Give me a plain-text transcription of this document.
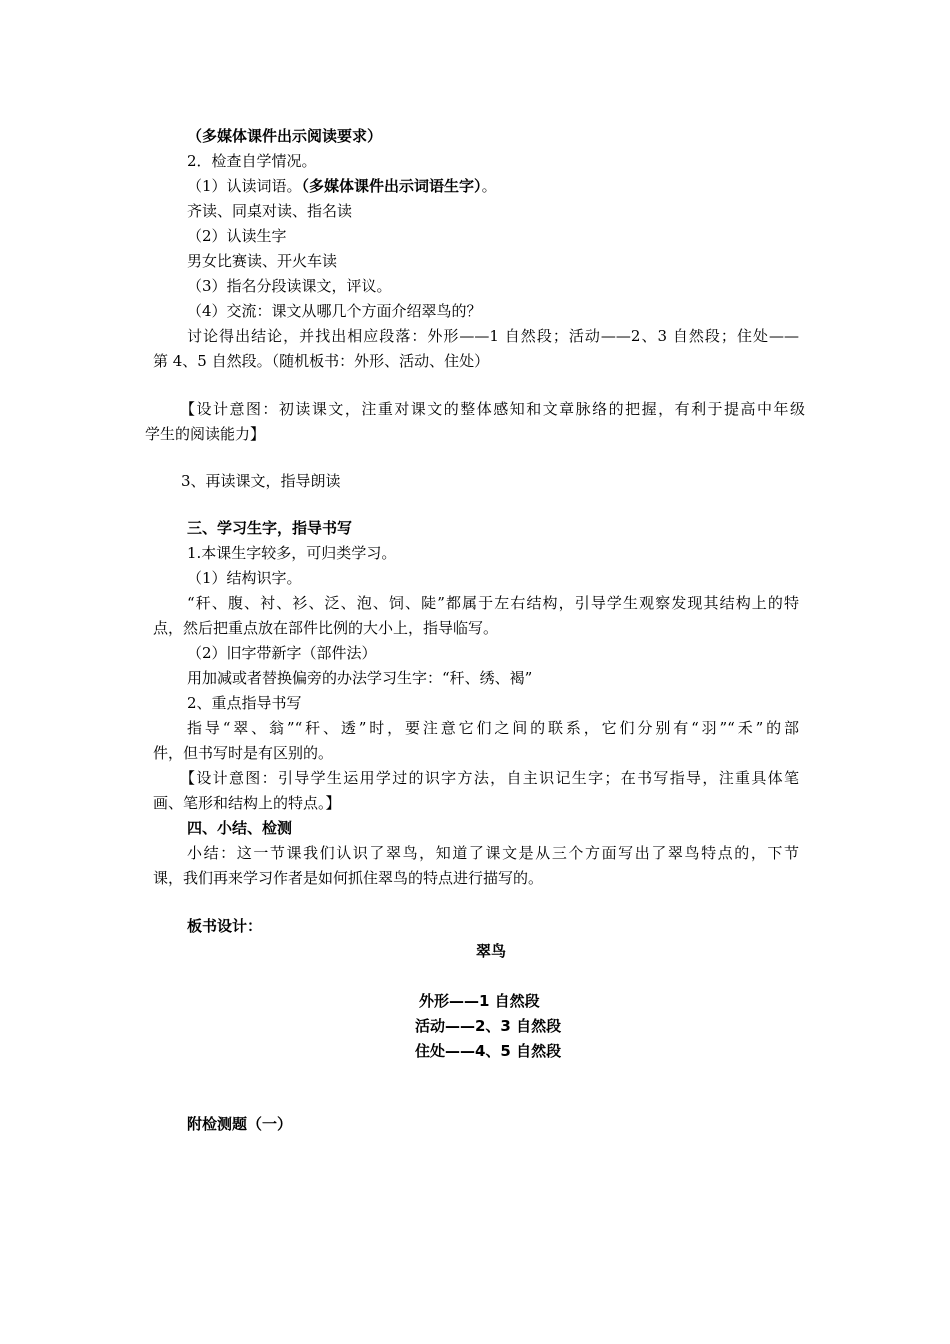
（多媒体课件出示阅读要求）
2．检查自学情况。
（1）认读词语。（多媒体课件出示词语生字）。
齐读、同桌对读、指名读
（2）认读生字
男女比赛读、开火车读
（3）指名分段读课文，评议。
（4）交流：课文从哪几个方面介绍翠鸟的？
讨论得出结论，并找出相应段落：外形——1 自然段；活动——2、3 自然段；住处——
第 4、5 自然段。（随机板书：外形、活动、住处）
【设计意图：初读课文，注重对课文的整体感知和文章脉络的把握，有利于提高中年级
学生的阅读能力】
3、再读课文，指导朗读
三、学习生字，指导书写
1.本课生字较多，可归类学习。
（1）结构识字。
“秆、腹、衬、衫、泛、泡、饲、陡”都属于左右结构，引导学生观察发现其结构上的特
点，然后把重点放在部件比例的大小上，指导临写。
（2）旧字带新字（部件法）
用加减或者替换偏旁的办法学习生字：“秆、绣、褐”
2、重点指导书写
指导“翠、翁”“秆、透”时，要注意它们之间的联系，它们分别有“羽”“禾”的部
件，但书写时是有区别的。
【设计意图：引导学生运用学过的识字方法，自主识记生字；在书写指导，注重具体笔
画、笔形和结构上的特点。】
四、小结、检测
小结：这一节课我们认识了翠鸟，知道了课文是从三个方面写出了翠鸟特点的，下节
课，我们再来学习作者是如何抓住翠鸟的特点进行描写的。
板书设计：
翠鸟
外形——1 自然段
活动——2、3 自然段
住处——4、5 自然段
附检测题（一）
